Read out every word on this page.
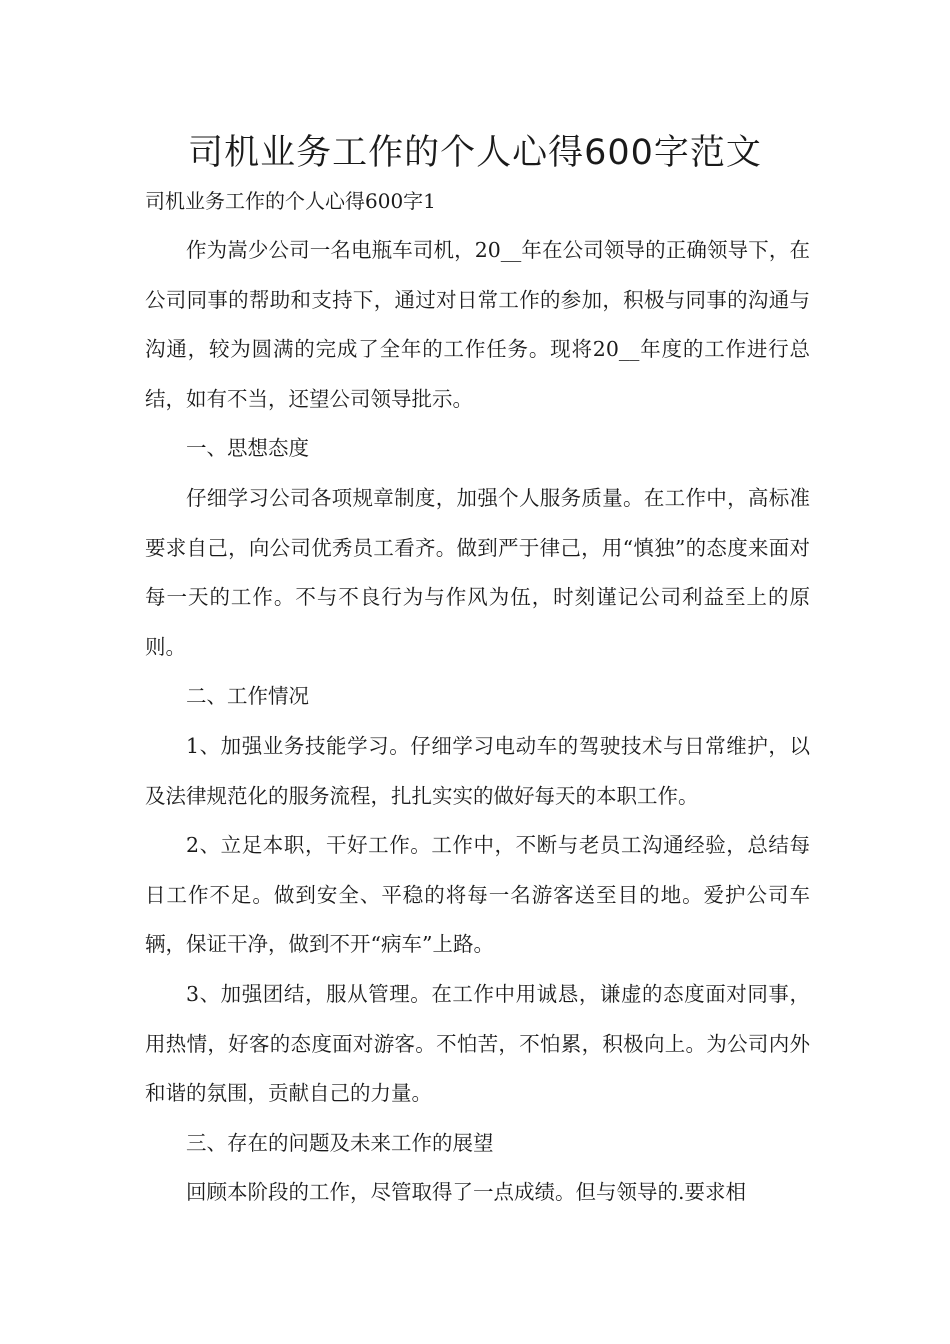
司机业务工作的个人心得600字范文

司机业务工作的个人心得600字1

作为嵩少公司一名电瓶车司机，20__年在公司领导的正确领导下，在公司同事的帮助和支持下，通过对日常工作的参加，积极与同事的沟通与沟通，较为圆满的完成了全年的工作任务。现将20__年度的工作进行总结，如有不当，还望公司领导批示。

一、思想态度

仔细学习公司各项规章制度，加强个人服务质量。在工作中，高标准要求自己，向公司优秀员工看齐。做到严于律己，用“慎独”的态度来面对每一天的工作。不与不良行为与作风为伍，时刻谨记公司利益至上的原则。

二、工作情况

1、加强业务技能学习。仔细学习电动车的驾驶技术与日常维护，以及法律规范化的服务流程，扎扎实实的做好每天的本职工作。

2、立足本职，干好工作。工作中，不断与老员工沟通经验，总结每日工作不足。做到安全、平稳的将每一名游客送至目的地。爱护公司车辆，保证干净，做到不开“病车”上路。

3、加强团结，服从管理。在工作中用诚恳，谦虚的态度面对同事，用热情，好客的态度面对游客。不怕苦，不怕累，积极向上。为公司内外和谐的氛围，贡献自己的力量。

三、存在的问题及未来工作的展望

回顾本阶段的工作，尽管取得了一点成绩。但与领导的.要求相
